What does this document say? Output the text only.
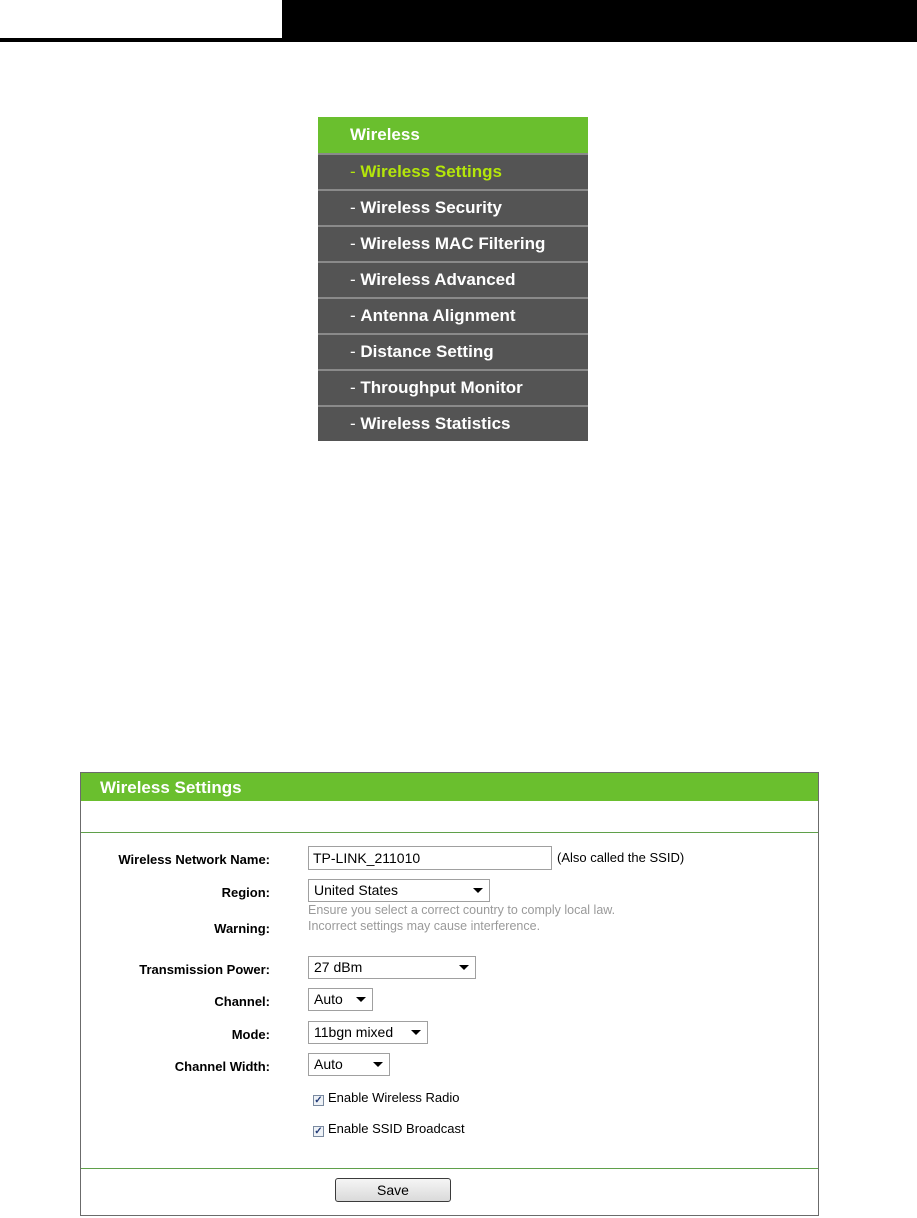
Wireless
- Wireless Settings
- Wireless Security
- Wireless MAC Filtering
- Wireless Advanced
- Antenna Alignment
- Distance Setting
- Throughput Monitor
- Wireless Statistics
Wireless Settings
Wireless Network Name:	TP-LINK_211010	(Also called the SSID)
Region:	United States
Warning:
Ensure you select a correct country to comply local law.
Incorrect settings may cause interference.
Transmission Power:	27 dBm
Channel:	Auto
Mode:	11bgn mixed
Channel Width:	Auto
✓ Enable Wireless Radio
✓ Enable SSID Broadcast
Save
